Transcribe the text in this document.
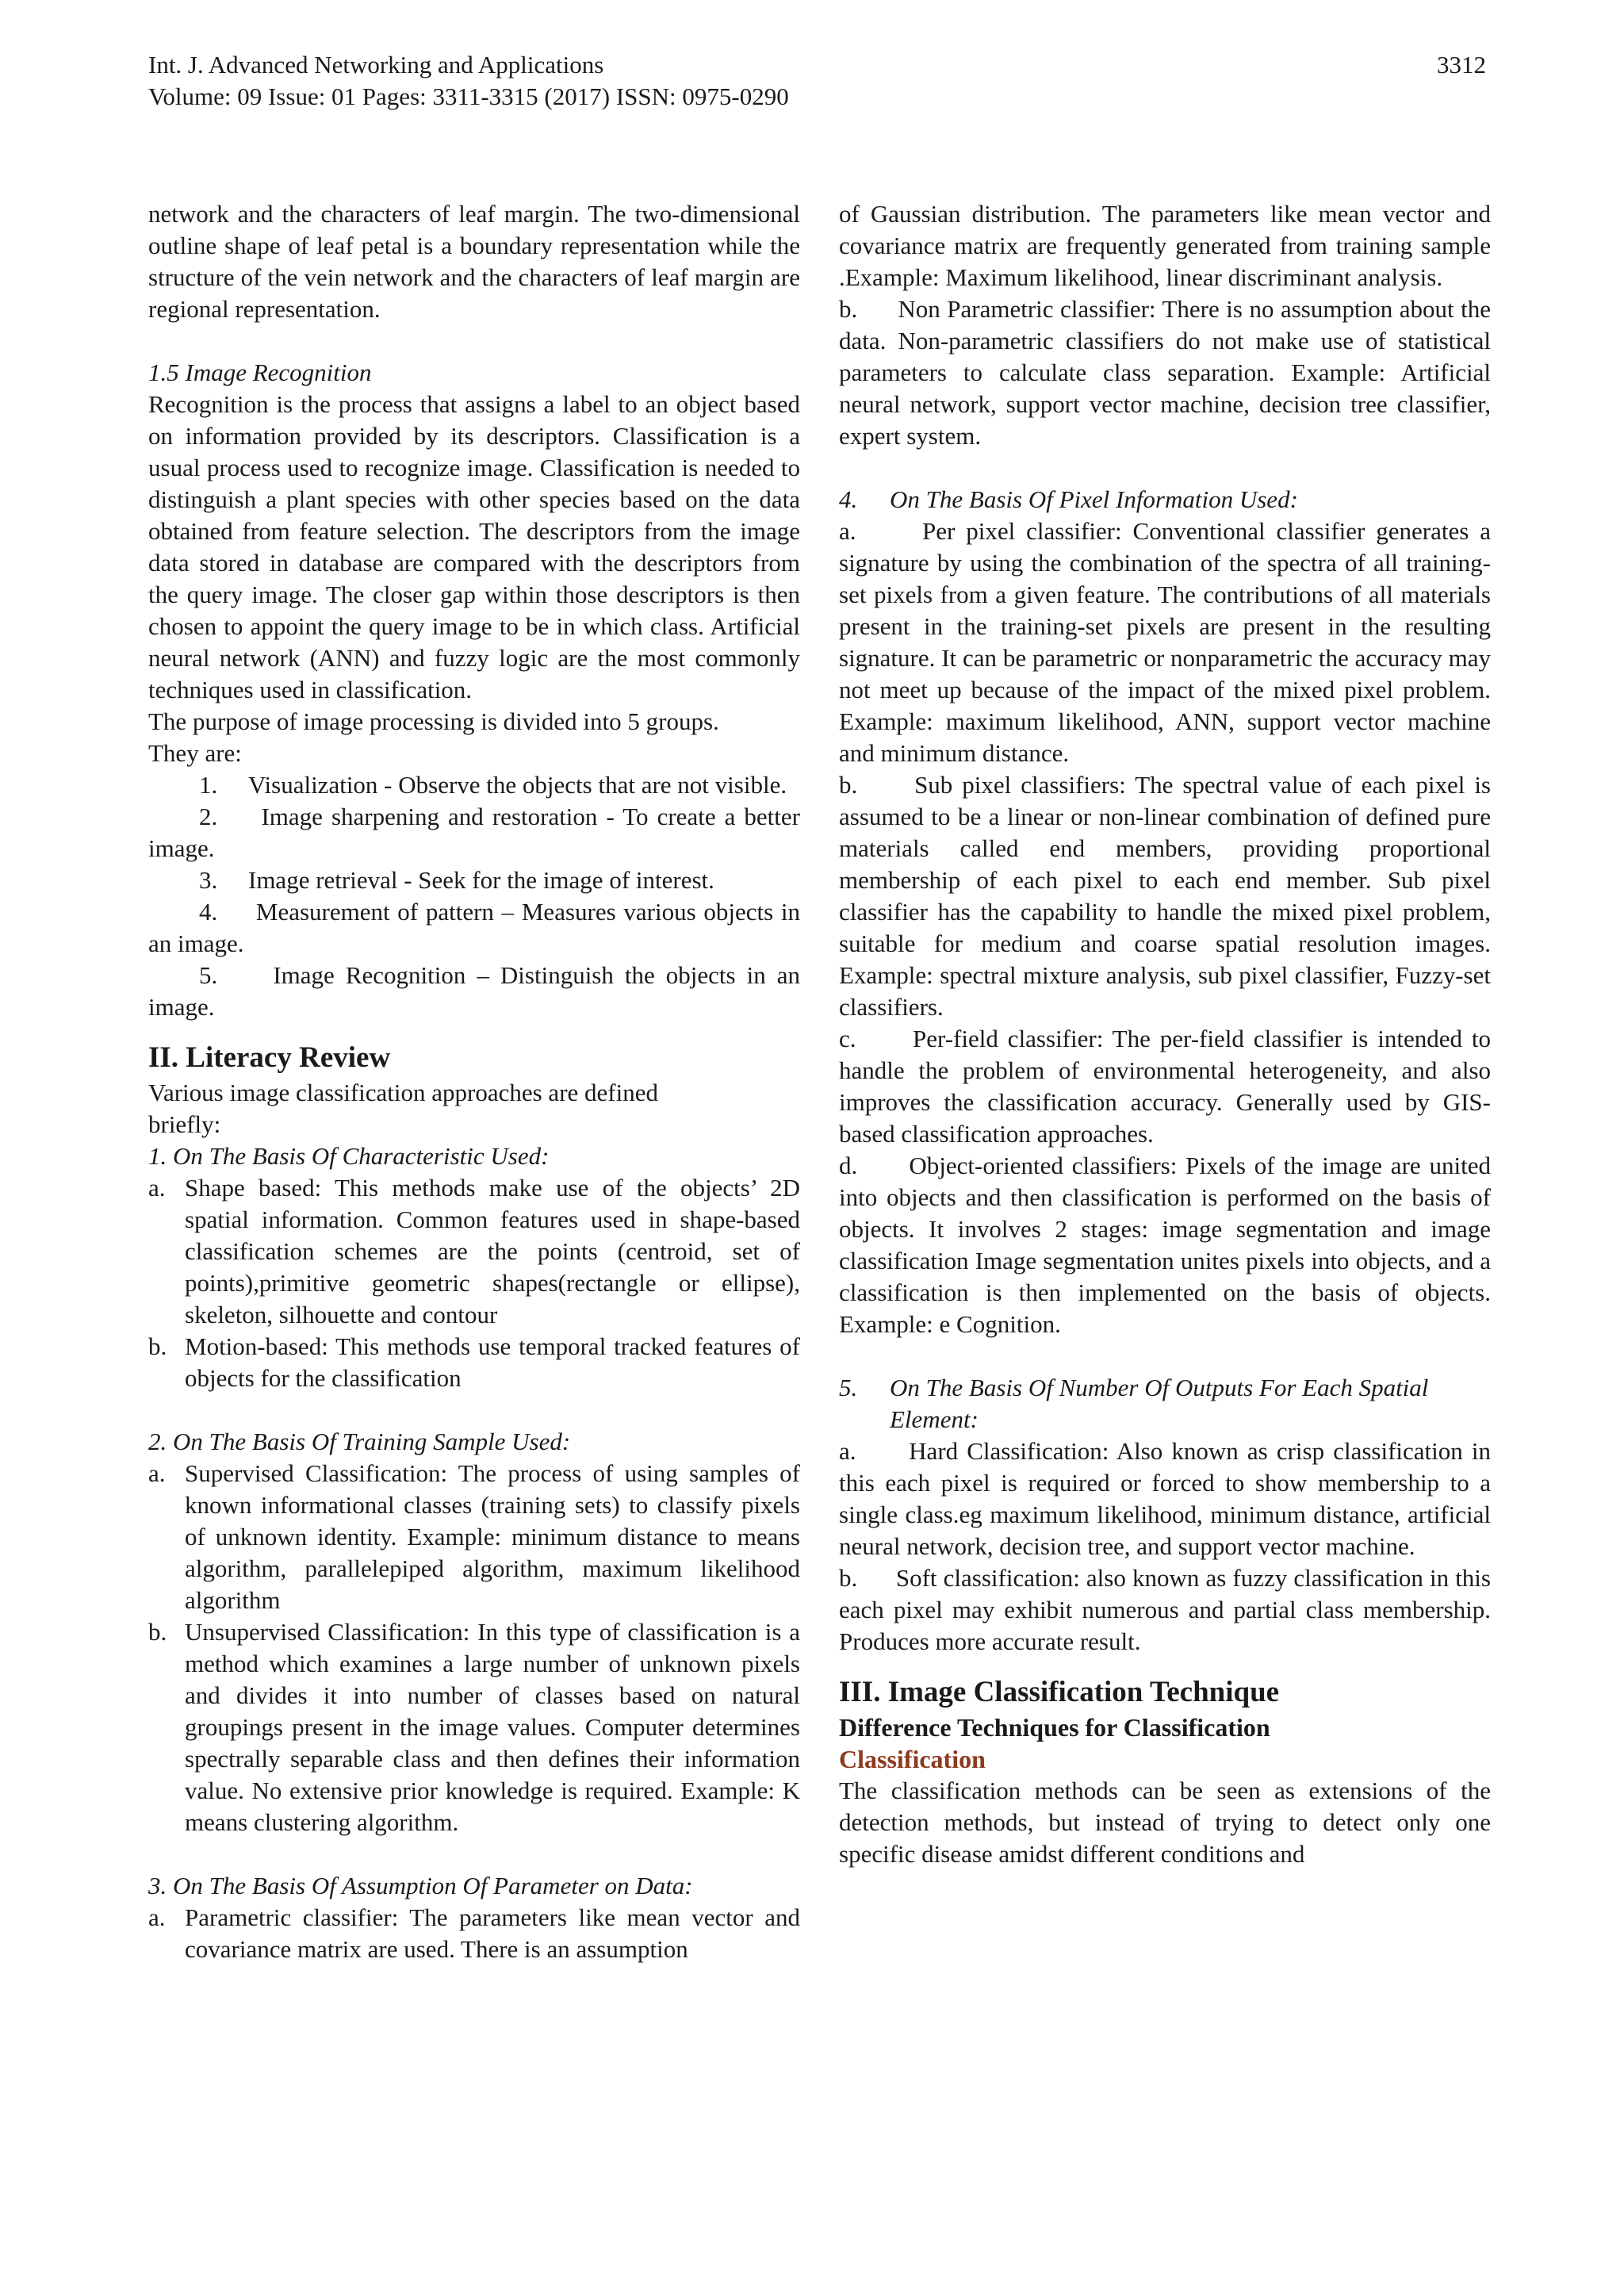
Int. J. Advanced Networking and Applications
Volume: 09 Issue: 01 Pages: 3311-3315 (2017) ISSN: 0975-0290
3312

network and the characters of leaf margin. The two-dimensional outline shape of leaf petal is a boundary representation while the structure of the vein network and the characters of leaf margin are regional representation.

1.5 Image Recognition

Recognition is the process that assigns a label to an object based on information provided by its descriptors. Classification is a usual process used to recognize image. Classification is needed to distinguish a plant species with other species based on the data obtained from feature selection. The descriptors from the image data stored in database are compared with the descriptors from the query image. The closer gap within those descriptors is then chosen to appoint the query image to be in which class. Artificial neural network (ANN) and fuzzy logic are the most commonly techniques used in classification.

The purpose of image processing is divided into 5 groups.

They are:

1. Visualization - Observe the objects that are not visible.

2. Image sharpening and restoration - To create a better image.

3. Image retrieval - Seek for the image of interest.

4. Measurement of pattern – Measures various objects in an image.

5. Image Recognition – Distinguish the objects in an image.

II. Literacy Review

Various image classification approaches are defined

briefly:

1. On The Basis Of Characteristic Used:

a. Shape based: This methods make use of the objects’ 2D spatial information. Common features used in shape-based classification schemes are the points (centroid, set of points),primitive geometric shapes(rectangle or ellipse), skeleton, silhouette and contour
b. Motion-based: This methods use temporal tracked features of objects for the classification

2. On The Basis Of Training Sample Used:

a. Supervised Classification: The process of using samples of known informational classes (training sets) to classify pixels of unknown identity. Example: minimum distance to means algorithm, parallelepiped algorithm, maximum likelihood algorithm
b. Unsupervised Classification: In this type of classification is a method which examines a large number of unknown pixels and divides it into number of classes based on natural groupings present in the image values. Computer determines spectrally separable class and then defines their information value. No extensive prior knowledge is required. Example: K means clustering algorithm.

3. On The Basis Of Assumption Of Parameter on Data:

a. Parametric classifier: The parameters like mean vector and covariance matrix are used. There is an assumption

of Gaussian distribution. The parameters like mean vector and covariance matrix are frequently generated from training sample .Example: Maximum likelihood, linear discriminant analysis.

b.      Non Parametric classifier: There is no assumption about the data. Non-parametric classifiers do not make use of statistical parameters to calculate class separation. Example: Artificial neural network, support vector machine, decision tree classifier, expert system.

4.	On The Basis Of Pixel Information Used:

a.      Per pixel classifier: Conventional classifier generates a signature by using the combination of the spectra of all training-set pixels from a given feature. The contributions of all materials present in the training-set pixels are present in the resulting signature. It can be parametric or nonparametric the accuracy may not meet up because of the impact of the mixed pixel problem. Example: maximum likelihood, ANN, support vector machine and minimum distance.

b.      Sub pixel classifiers: The spectral value of each pixel is assumed to be a linear or non-linear combination of defined pure materials called end members, providing proportional membership of each pixel to each end member. Sub pixel classifier has the capability to handle the mixed pixel problem, suitable for medium and coarse spatial resolution images. Example: spectral mixture analysis, sub pixel classifier, Fuzzy-set classifiers.

c.      Per-field classifier: The per-field classifier is intended to handle the problem of environmental heterogeneity, and also improves the classification accuracy. Generally used by GIS-based classification approaches.

d.      Object-oriented classifiers: Pixels of the image are united into objects and then classification is performed on the basis of objects. It involves 2 stages: image segmentation and image classification Image segmentation unites pixels into objects, and a classification is then implemented on the basis of objects. Example: e Cognition.

5.	On The Basis Of Number Of Outputs For Each Spatial Element:

a.      Hard Classification: Also known as crisp classification in this each pixel is required or forced to show membership to a single class.eg maximum likelihood, minimum distance, artificial neural network, decision tree, and support vector machine.

b.      Soft classification: also known as fuzzy classification in this each pixel may exhibit numerous and partial class membership. Produces more accurate result.

III. Image Classification Technique
Difference Techniques for Classification
Classification

The classification methods can be seen as extensions of the detection methods, but instead of trying to detect only one specific disease amidst different conditions and
